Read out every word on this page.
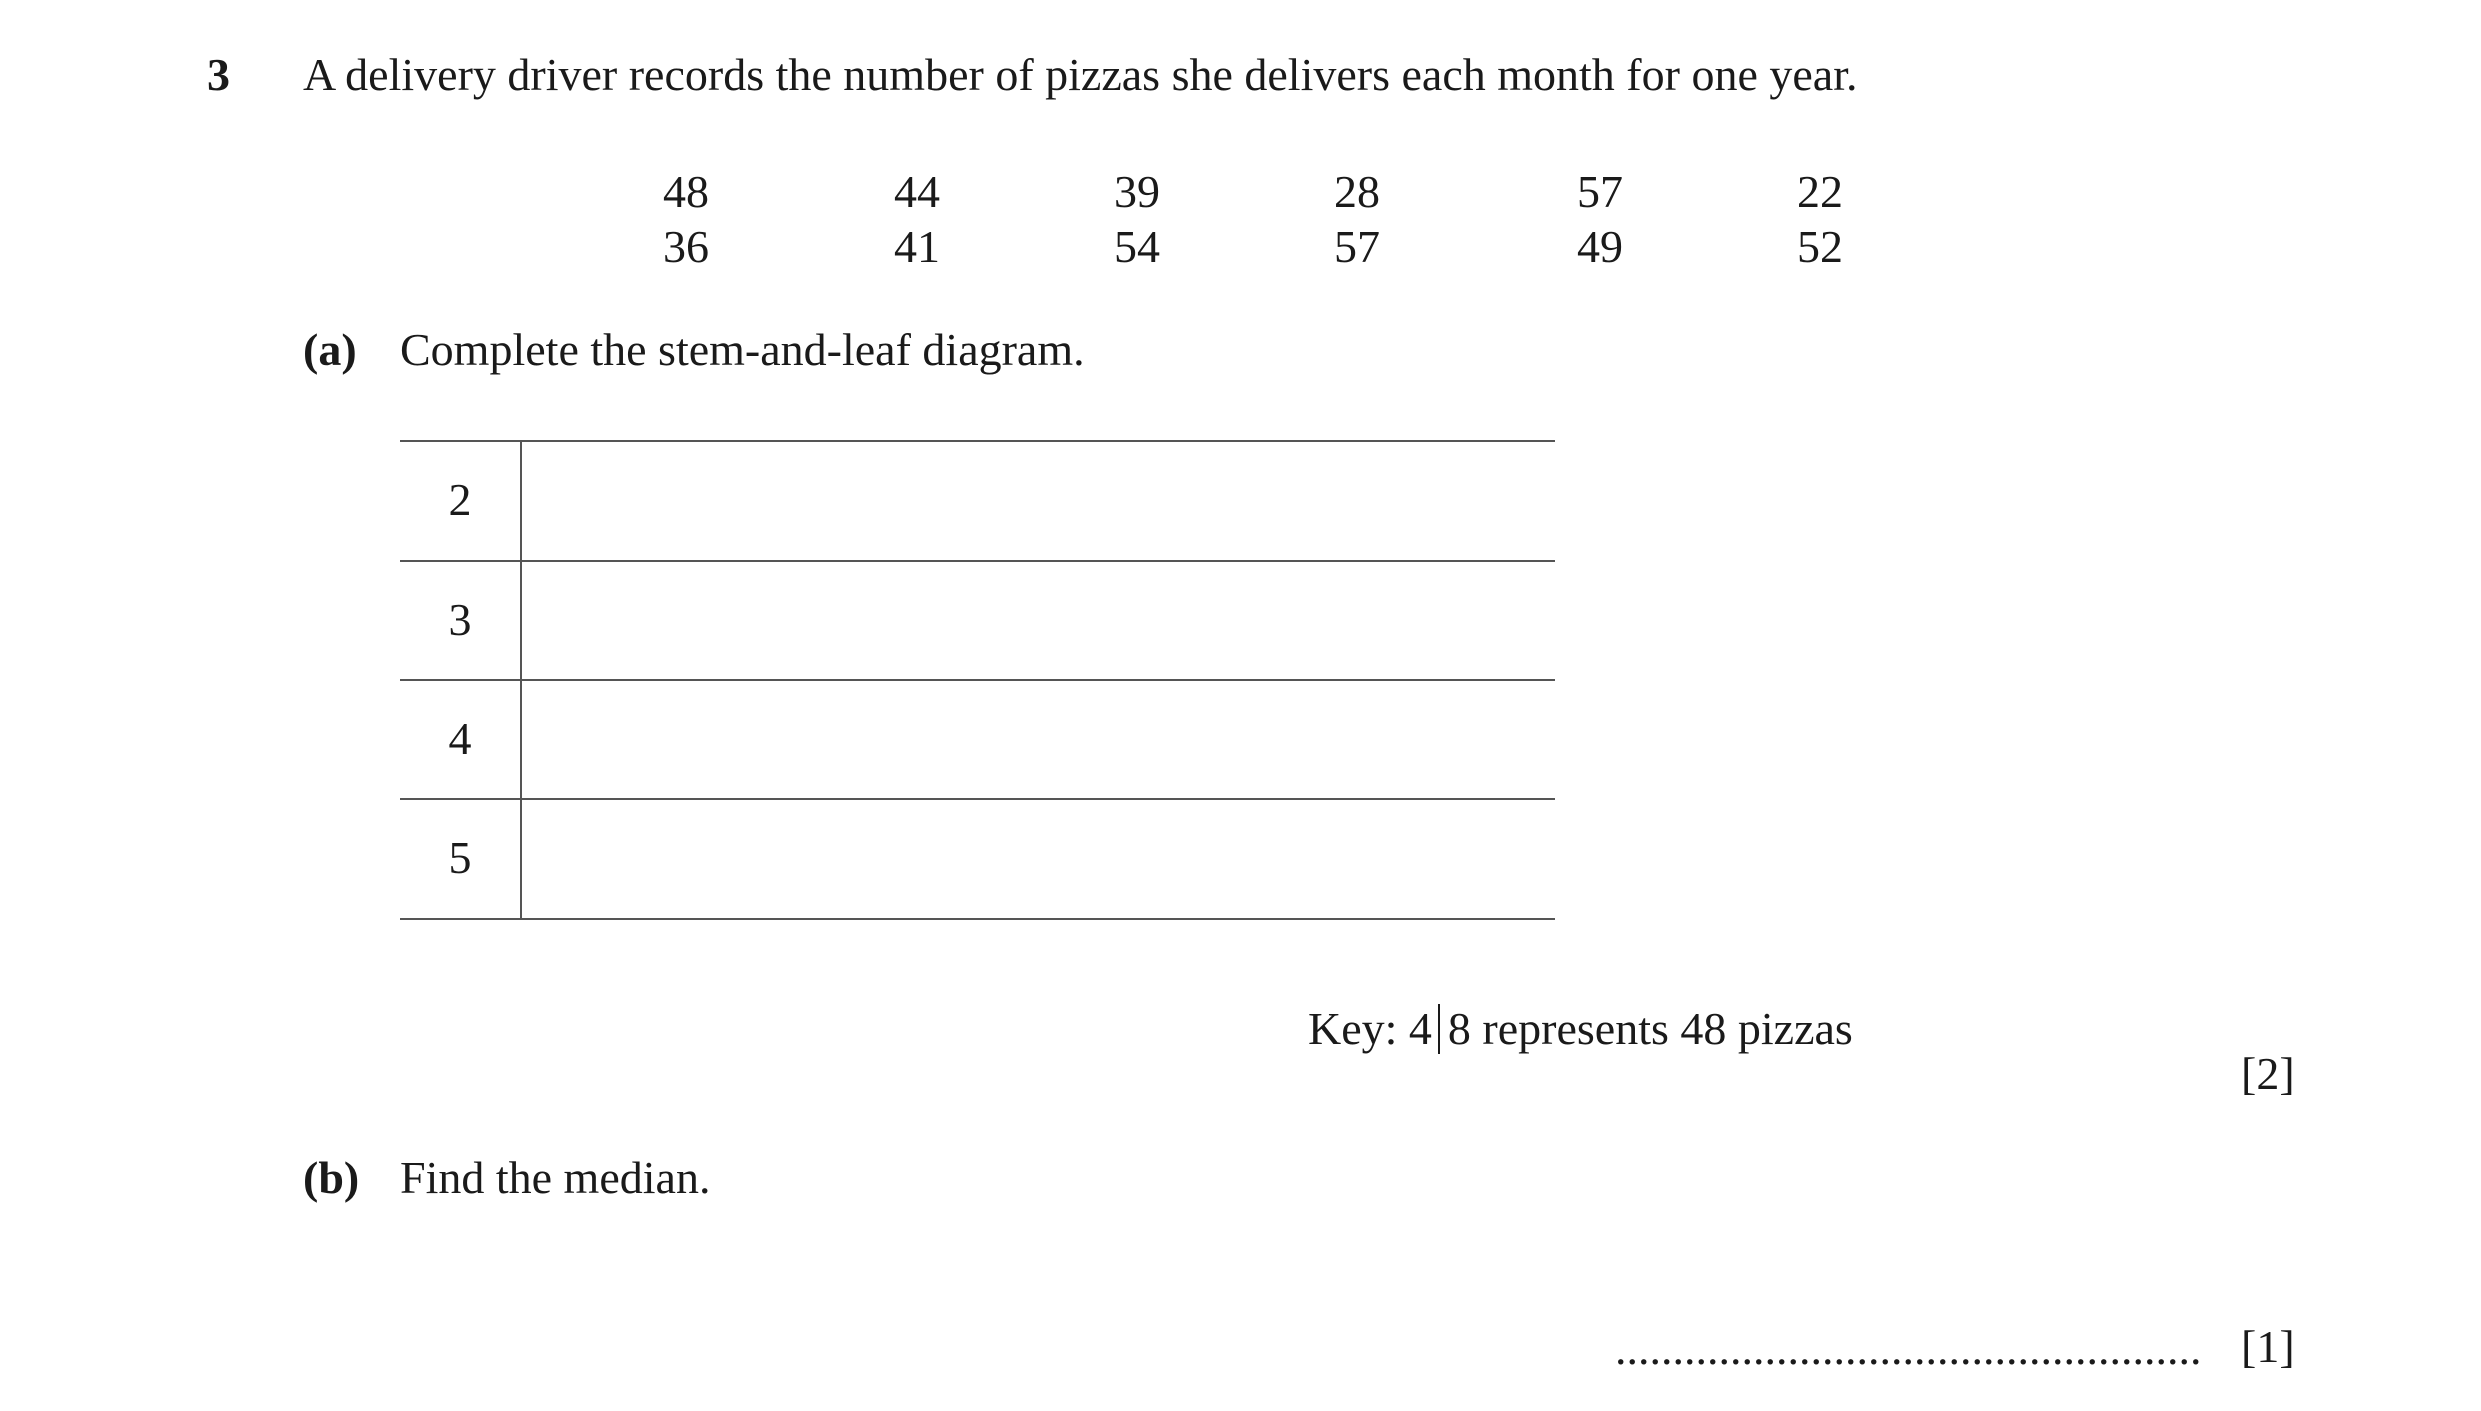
3 A delivery driver records the number of pizzas she delivers each month for one year.
48	44	39	28	57	22
36	41	54	57	49	52
(a) Complete the stem-and-leaf diagram.
2
3
4
5
Key: 4 8 represents 48 pizzas
[2]
(b) Find the median.
................................................... [1]
